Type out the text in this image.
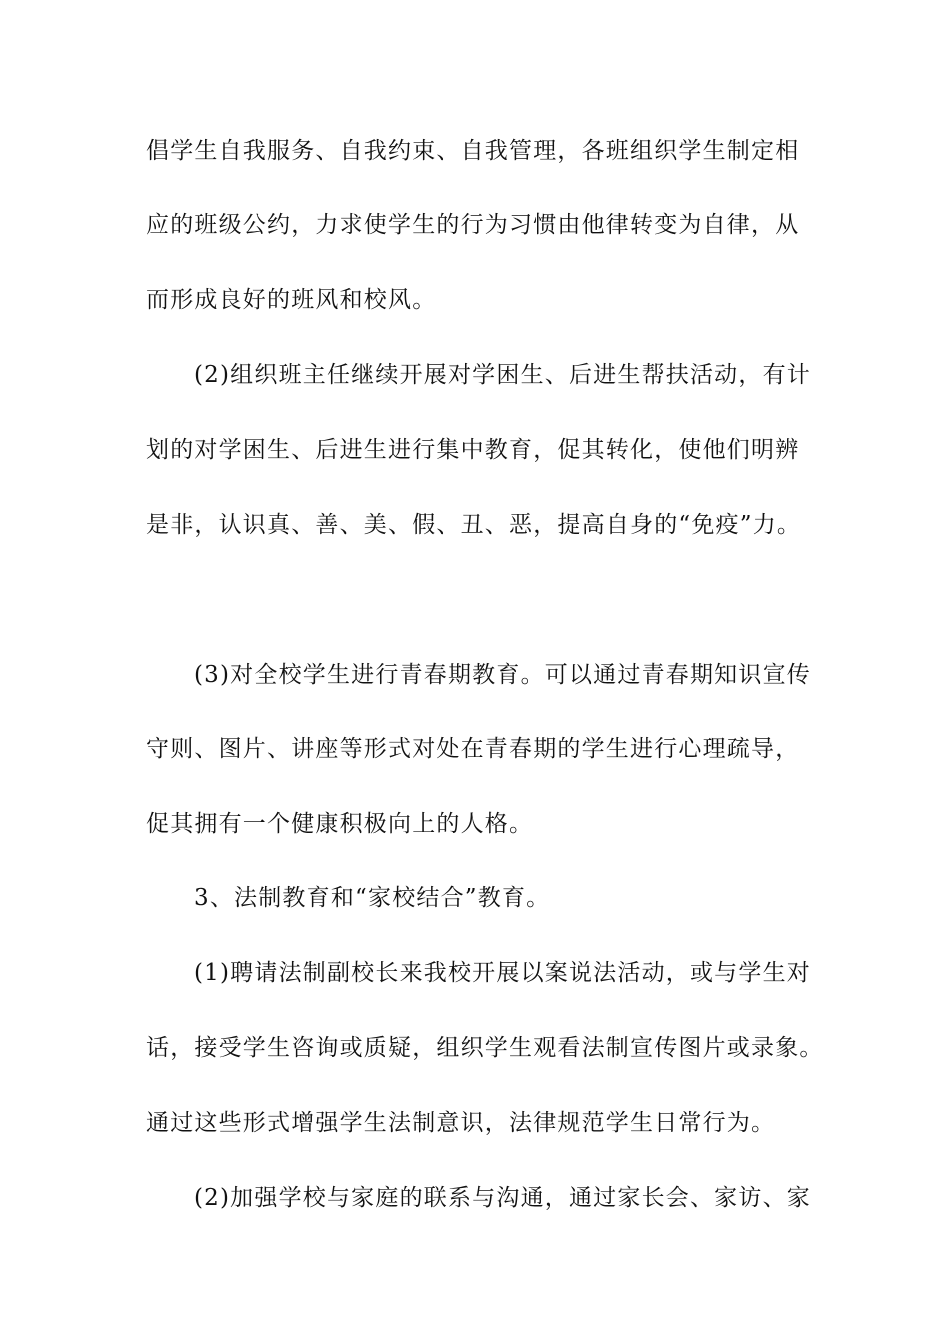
倡学生自我服务、自我约束、自我管理，各班组织学生制定相
应的班级公约，力求使学生的行为习惯由他律转变为自律，从
而形成良好的班风和校风。
(2)组织班主任继续开展对学困生、后进生帮扶活动，有计
划的对学困生、后进生进行集中教育，促其转化，使他们明辨
是非，认识真、善、美、假、丑、恶，提高自身的“免疫”力。
(3)对全校学生进行青春期教育。可以通过青春期知识宣传
守则、图片、讲座等形式对处在青春期的学生进行心理疏导，
促其拥有一个健康积极向上的人格。
3、法制教育和“家校结合”教育。
(1)聘请法制副校长来我校开展以案说法活动，或与学生对
话，接受学生咨询或质疑，组织学生观看法制宣传图片或录象。
通过这些形式增强学生法制意识，法律规范学生日常行为。
(2)加强学校与家庭的联系与沟通，通过家长会、家访、家
